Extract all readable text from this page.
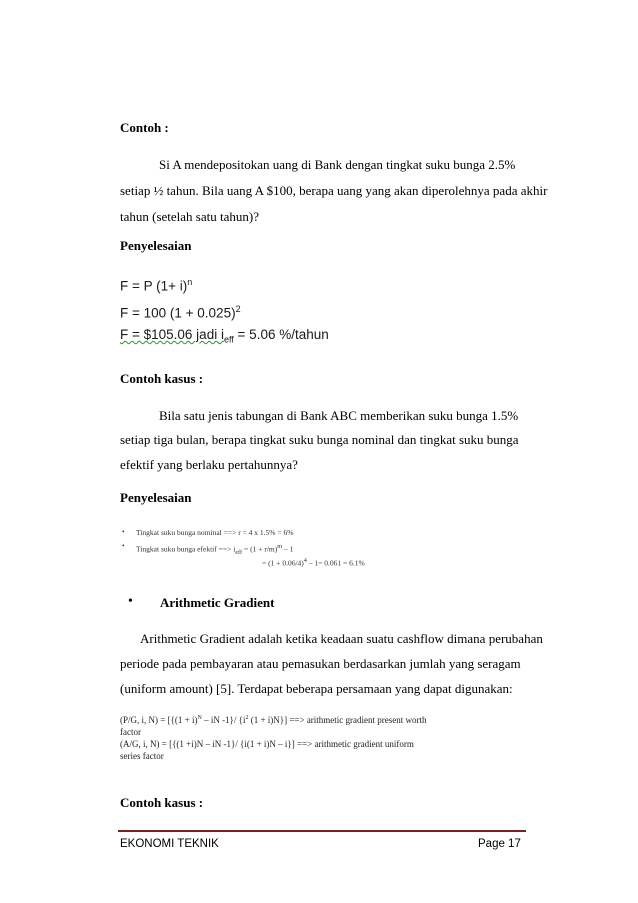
Contoh :
Si A mendepositokan uang di Bank dengan tingkat suku bunga 2.5%
setiap ½ tahun. Bila uang A $100, berapa uang yang akan diperolehnya pada akhir
tahun (setelah satu tahun)?
Penyelesaian
F = P $(1+ i)^n$
F = 100 $(1 + 0.025)^2$
F = $105.06 jadi $i_{eff} = 5.06$ %/tahun
Contoh kasus :
Bila satu jenis tabungan di Bank ABC memberikan suku bunga 1.5%
setiap tiga bulan, berapa tingkat suku bunga nominal dan tingkat suku bunga
efektif yang berlaku pertahunnya?
Penyelesaian
• Tingkat suku bunga nominal ==> r = 4 x 1.5% = 6%
• Tingkat suku bunga efektif ==> $i_{eff} = (1 + r/m)^m - 1$
= $(1 + 0.06/4)^4 - 1= 0.061 = 6.1\%$
• Arithmetic Gradient
Arithmetic Gradient adalah ketika keadaan suatu cashflow dimana perubahan
periode pada pembayaran atau pemasukan berdasarkan jumlah yang seragam
(uniform amount) [5]. Terdapat beberapa persamaan yang dapat digunakan:
(P/G, i, $N) = [\{(1 + i)^N$ – iN -1}/ {$i^2$ (1 + i)N}] ==> arithmetic gradient present worth
factor
(A/G, i, N) = [{(1 +i)N – iN -1}/ {i(1 + i)N – i}] ==> arithmetic gradient uniform
series factor
Contoh kasus :
EKONOMI TEKNIK	Page 17
